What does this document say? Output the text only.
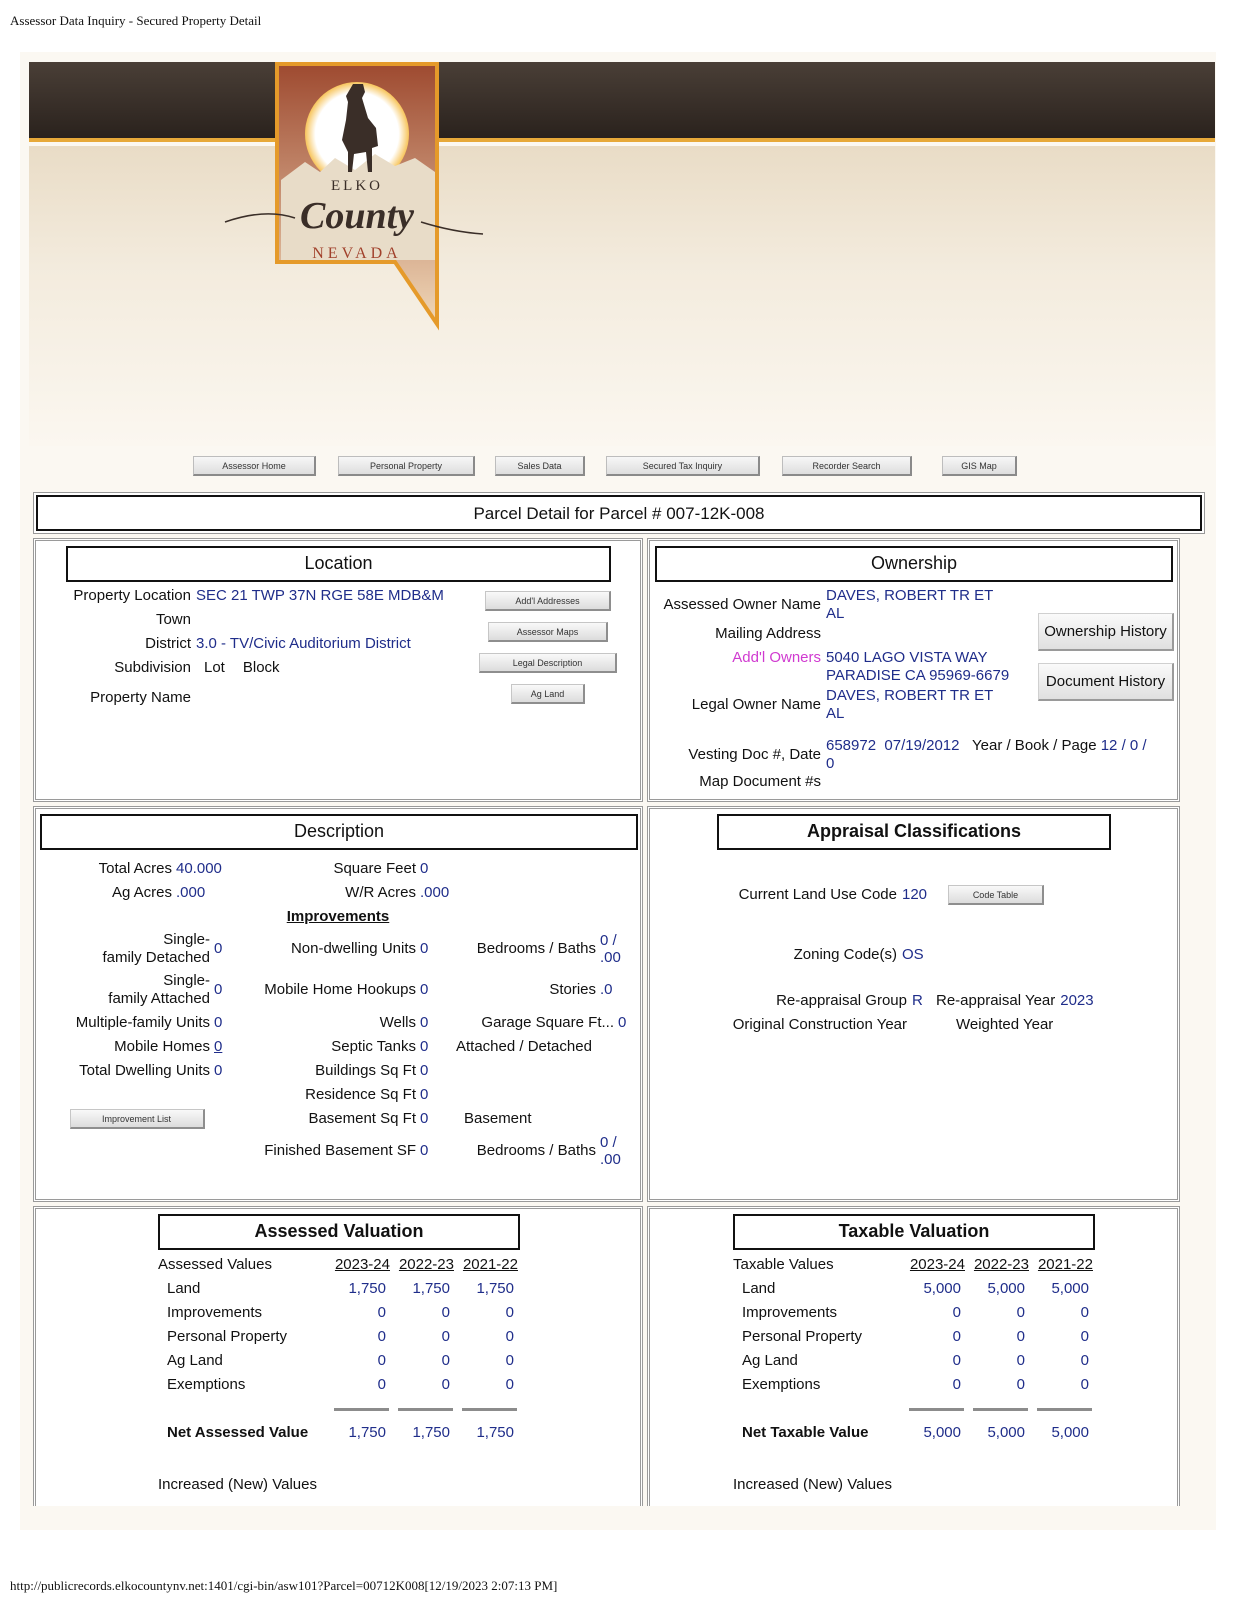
Assessor Data Inquiry - Secured Property Detail
ELKO
County
NEVADA
Assessor Home	Personal Property	Sales Data	Secured Tax Inquiry	Recorder Search	GIS Map
Parcel Detail for Parcel # 007-12K-008
Location
Property Location SEC 21 TWP 37N RGE 58E MDB&M
Town
District 3.0 - TV/Civic Auditorium District
Subdivision Lot Block
Property Name
Add'l Addresses
Assessor Maps
Legal Description
Ag Land
Ownership
Assessed Owner Name
DAVES, ROBERT TR ET
AL
Mailing Address
Add'l Owners 5040 LAGO VISTA WAY
PARADISE CA 95969-6679
Legal Owner Name
DAVES, ROBERT TR ET
AL
Ownership History
Document History
Vesting Doc #, Date
658972 07/19/2012 Year / Book / Page 12 / 0 /
0
Map Document #s
Description
Total Acres 40.000	Square Feet 0
Ag Acres .000	W/R Acres .000
Improvements
Single-
family Detached
0	Non-dwelling Units 0	Bedrooms / Baths 0 /
.00
Single-
family Attached
0	Mobile Home Hookups 0	Stories .0
Multiple-family Units 0	Wells 0	Garage Square Ft... 0
Mobile Homes 0	Septic Tanks 0	Attached / Detached
Total Dwelling Units 0	Buildings Sq Ft 0
Residence Sq Ft 0
Improvement List	Basement Sq Ft 0	Basement
Finished Basement SF 0	Bedrooms / Baths 0 /
.00
Appraisal Classifications
Current Land Use Code 120	Code Table
Zoning Code(s) OS
Re-appraisal Group R Re-appraisal Year 2023
Original Construction Year	Weighted Year
Assessed Valuation
Assessed Values	2023-24	2022-23	2021-22
Land	1,750	1,750	1,750
Improvements	0	0	0
Personal Property	0	0	0
Ag Land	0	0	0
Exemptions	0	0	0

Net Assessed Value	1,750	1,750	1,750

Increased (New) Values			
Taxable Valuation
Taxable Values	2023-24	2022-23	2021-22
Land	5,000	5,000	5,000
Improvements	0	0	0
Personal Property	0	0	0
Ag Land	0	0	0
Exemptions	0	0	0

Net Taxable Value	5,000	5,000	5,000

Increased (New) Values			
http://publicrecords.elkocountynv.net:1401/cgi-bin/asw101?Parcel=00712K008[12/19/2023 2:07:13 PM]
